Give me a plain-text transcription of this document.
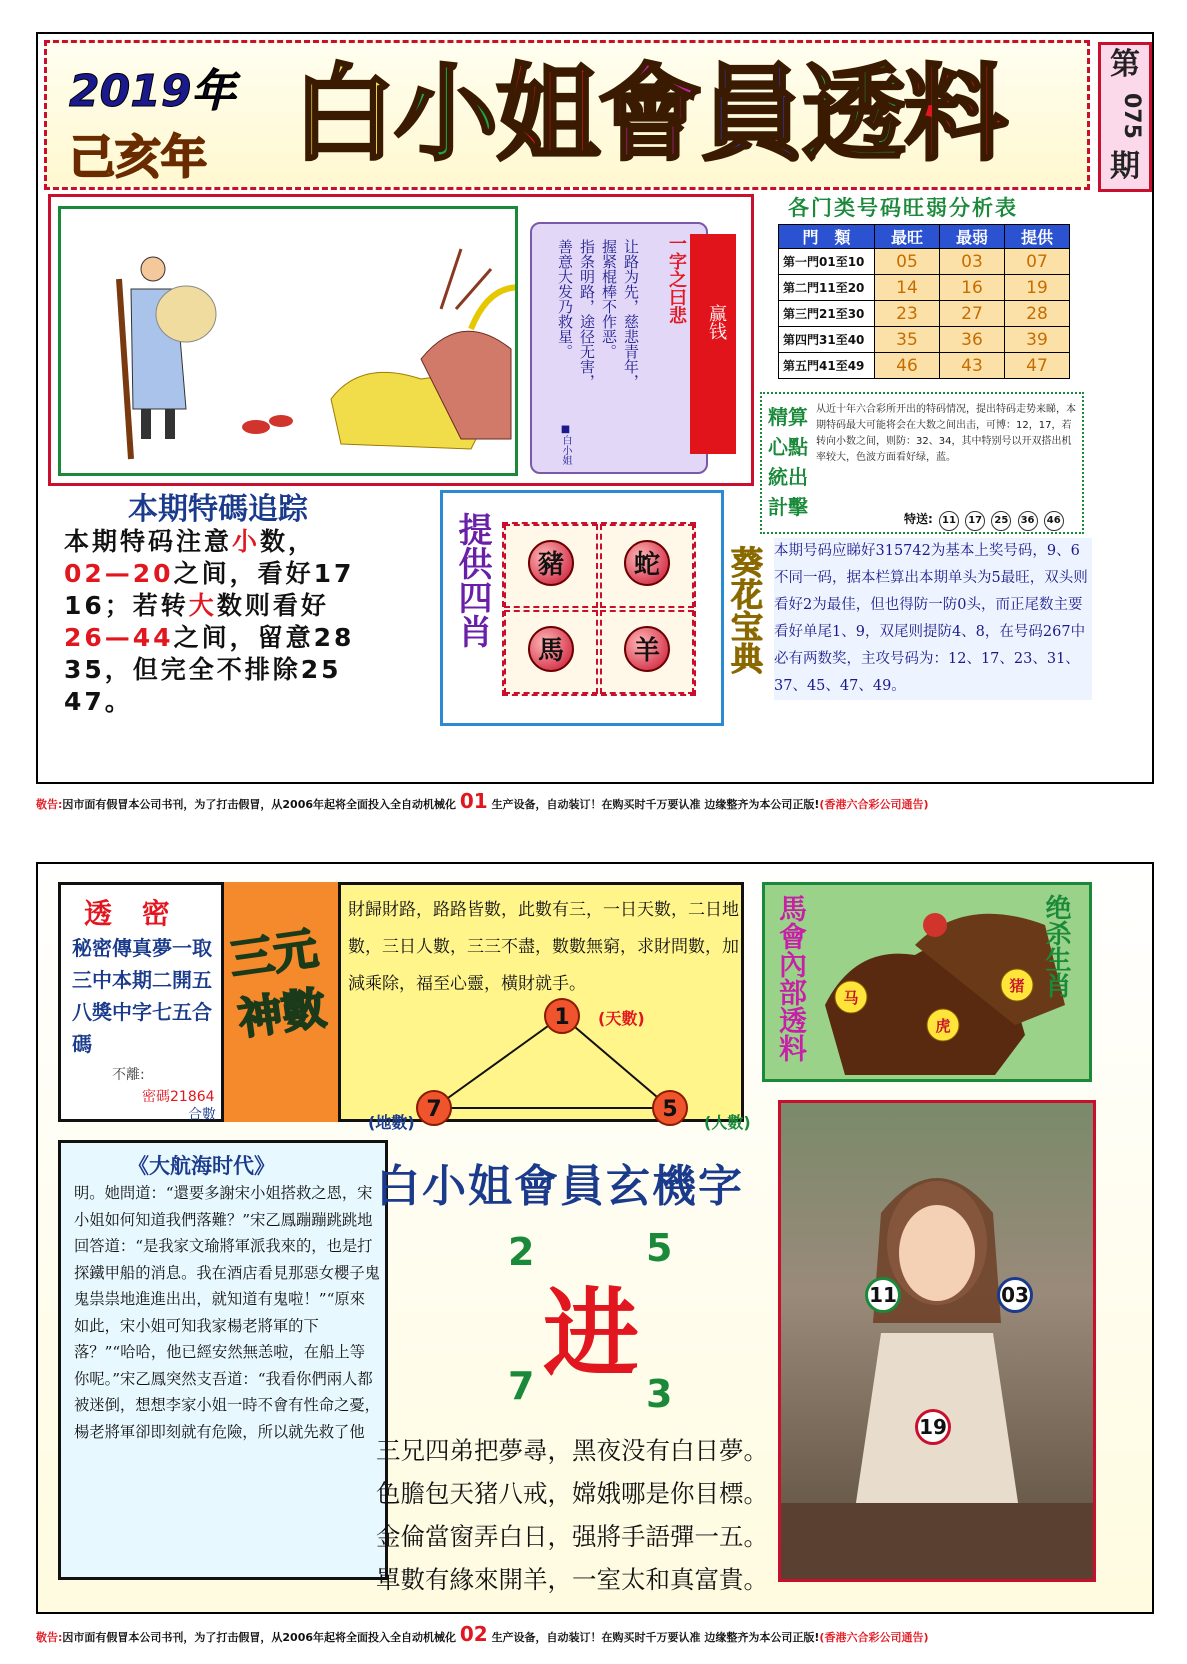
2019年
己亥年 白小姐會員透料	第
075
期
让路为先，慈悲青年，
握紧棍棒不作恶。
指条明路，途径无害，
善意大发乃救星。	一字之曰悲
■白小姐
赢钱
各门类号码旺弱分析表
門　類	最旺	最弱	提供
第一門01至10	05	03	07
第二門11至20	14	16	19
第三門21至30	23	27	28
第四門31至40	35	36	39
第五門41至49	46	43	47
精算心點統出計擊
从近十年六合彩所开出的特码情况，提出特码走势来睇，本期特码最大可能将会在大数之间出击，可博：12，17，若转向小数之间，则防：32、34，其中特别号以开双搭出机率较大，色波方面看好绿，蓝。
特送: 11 17 25 36 46
本期特碼追踪
本期特码注意小数，
02—20之间，看好17
16；若转大数则看好
26—44之间，留意28
35，但完全不排除25
47。
提供四肖	豬	蛇
馬	羊	葵花宝典 本期号码应睇好315742为基本上奖号码，9、6不同一码，据本栏算出本期单头为5最旺，双头则看好2为最佳，但也得防一防0头，而正尾数主要看好单尾1、9，双尾则提防4、8，在号码267中必有两数奖，主攻号码为：12、17、23、31、37、45、47、49。
敬告:因市面有假冒本公司书刊，为了打击假冒，从2006年起将全面投入全自动机械化 01 生产设备，自动装订！在购买时千万要认准 边缘整齐为本公司正版!(香港六合彩公司通告)
透 密
秘密傳真夢一取三中本期二開五八獎中字七五合碼
不離:
密碼21864
合數
三元神數
財歸財路，路路皆數，此數有三，一日天數，二日地數，三日人數，三三不盡，數數無窮，求財問數，加減乘除，福至心靈，橫財就手。
1
7	5
(天數)
(地數)	(人數)
马
虎
猪
馬會內部透料	绝杀生肖
11	03
19
《大航海时代》
明。她問道：“還要多謝宋小姐搭救之恩，宋小姐如何知道我們落難？”宋乙鳳蹦蹦跳跳地回答道：“是我家文瑜將軍派我來的，也是打探鐵甲船的消息。我在酒店看見那惡女櫻子鬼鬼祟祟地進進出出，就知道有鬼啦！”“原來如此，宋小姐可知我家楊老將軍的下落？”“哈哈，他已經安然無恙啦，在船上等你呢。”宋乙鳳突然支吾道：“我看你們兩人都被迷倒，想想李家小姐一時不會有性命之憂，楊老將軍卻即刻就有危險，所以就先救了他
白小姐會員玄機字
2	5
进
7	3
三兄四弟把夢尋，黑夜没有白日夢。
色膽包天猪八戒，嫦娥哪是你目標。
金倫當窗弄白日，强將手語彈一五。
單數有緣來開羊，一室太和真富貴。
敬告:因市面有假冒本公司书刊，为了打击假冒，从2006年起将全面投入全自动机械化 02 生产设备，自动装订！在购买时千万要认准 边缘整齐为本公司正版!(香港六合彩公司通告)
